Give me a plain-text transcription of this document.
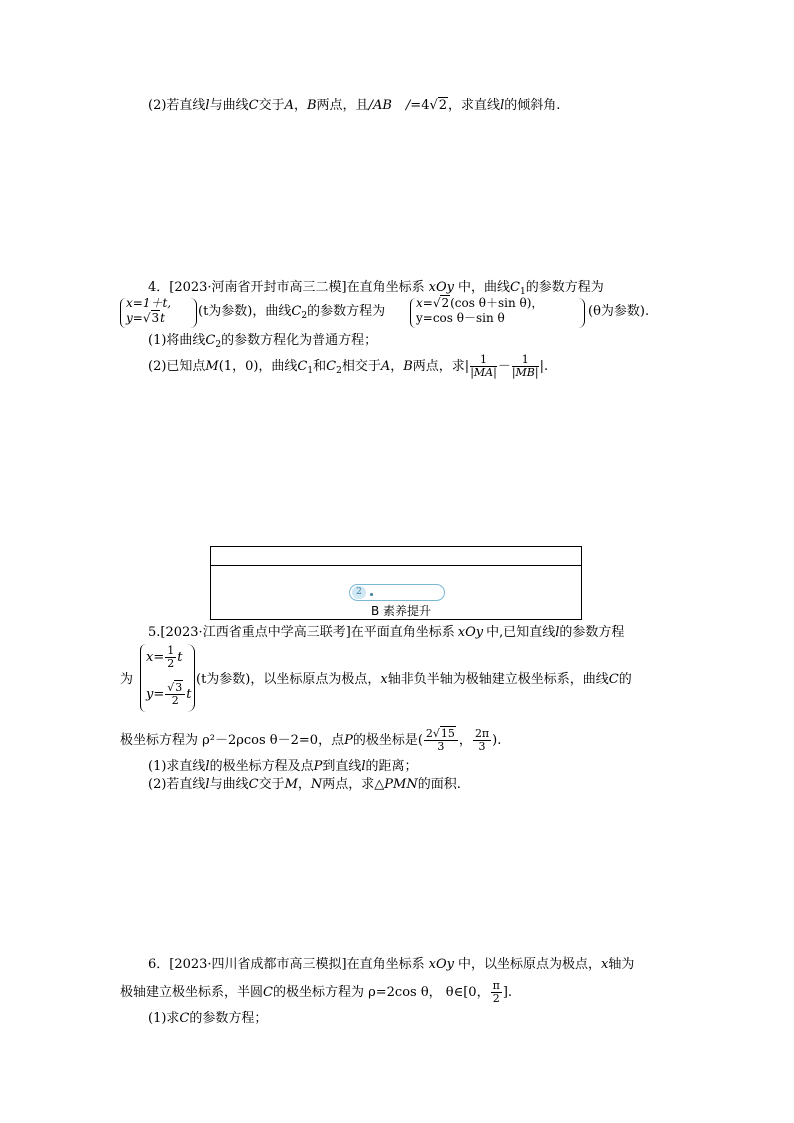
(2)若直线l与曲线C交于A，B两点，且/AB /=4√2，求直线l的倾斜角.
4．[2023·河南省开封市高三二模]在直角坐标系 xOy 中，曲线$C_1$的参数方程为
x=1＋t,
y=√3t	(t为参数)，曲线$C_2$的参数方程为
x=√2(cos θ＋sin θ)，
y=cos θ－sin θ	(θ为参数).
(1)将曲线$C_2$的参数方程化为普通方程；
(2)已知点M(1，0)，曲线$C_1$和$C_2$相交于A，B两点，求| $\frac{1}{|MA|} - \frac{1}{|MB|}$ |.
2
B 素养提升
5.[2023·江西省重点中学高三联考]在平面直角坐标系 xOy 中,已知直线l的参数方程
为
$x= \frac{1}{2}$ t
$y= \frac{√3}{2}$ t
(t为参数)，以坐标原点为极点，x轴非负半轴为极轴建立极坐标系，曲线C的
极坐标方程为 ρ²－2ρcos θ－2=0，点P的极坐标是( $\frac{2√15}{3}$ ， $\frac{2\pi}{3}$ ).
(1)求直线l的极坐标方程及点P到直线l的距离；
(2)若直线l与曲线C交于M，N两点，求△PMN的面积.
6．[2023·四川省成都市高三模拟]在直角坐标系 xOy 中，以坐标原点为极点，x轴为
极轴建立极坐标系，半圆C的极坐标方程为 ρ=2cos θ， θ∈[0， $\frac{\pi}{2}$ ].
(1)求C的参数方程；
